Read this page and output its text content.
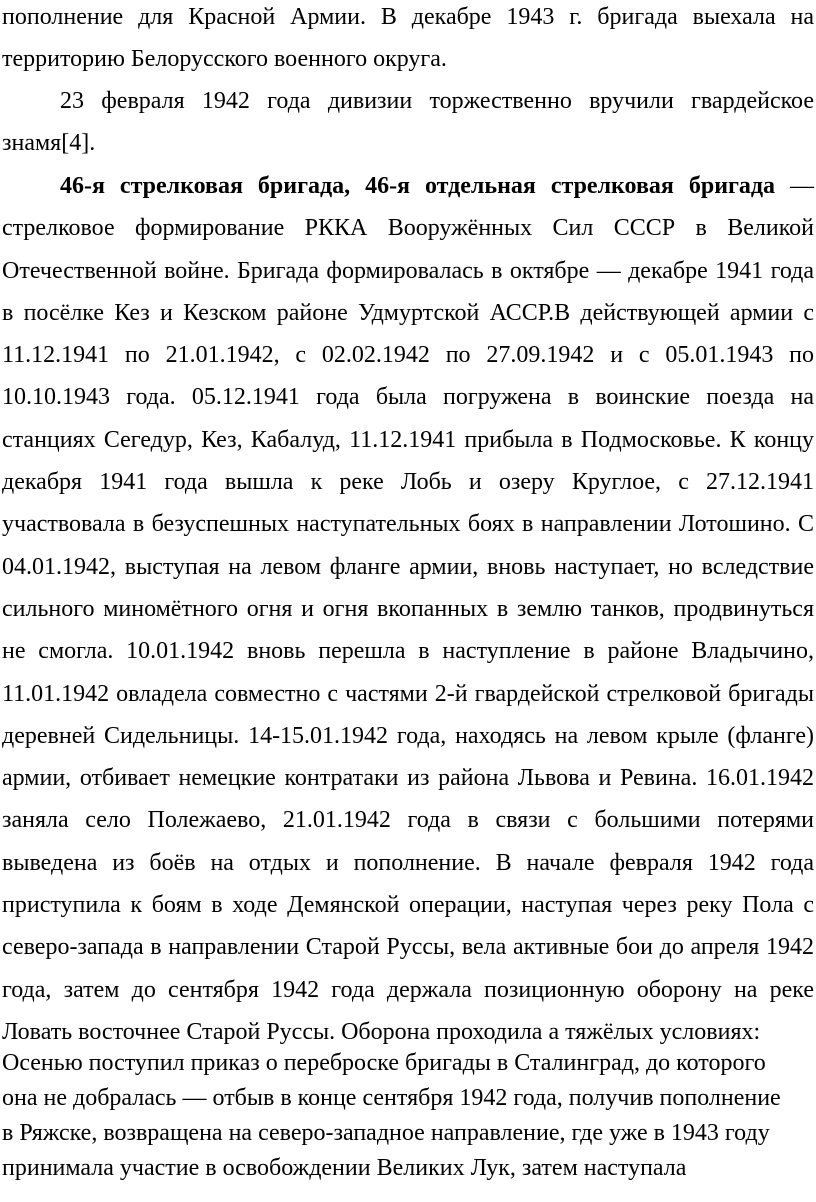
пополнение для Красной Армии. В декабре 1943 г. бригада выехала на территорию Белорусского военного округа.

23 февраля 1942 года дивизии торжественно вручили гвардейское знамя[4].

46-я стрелковая бригада, 46-я отдельная стрелковая бригада — стрелковое формирование РККА Вооружённых Сил СССР в Великой Отечественной войне. Бригада формировалась в октябре — декабре 1941 года в посёлке Кез и Кезском районе Удмуртской АССР.В действующей армии с 11.12.1941 по 21.01.1942, с 02.02.1942 по 27.09.1942 и с 05.01.1943 по 10.10.1943 года. 05.12.1941 года была погружена в воинские поезда на станциях Сегедур, Кез, Кабалуд, 11.12.1941 прибыла в Подмосковье. К концу декабря 1941 года вышла к реке Лобь и озеру Круглое, с 27.12.1941 участвовала в безуспешных наступательных боях в направлении Лотошино. С 04.01.1942, выступая на левом фланге армии, вновь наступает, но вследствие сильного миномётного огня и огня вкопанных в землю танков, продвинуться не смогла. 10.01.1942 вновь перешла в наступление в районе Владычино, 11.01.1942 овладела совместно с частями 2-й гвардейской стрелковой бригады деревней Сидельницы. 14-15.01.1942 года, находясь на левом крыле (фланге) армии, отбивает немецкие контратаки из района Львова и Ревина. 16.01.1942 заняла село Полежаево, 21.01.1942 года в связи с большими потерями выведена из боёв на отдых и пополнение. В начале февраля 1942 года приступила к боям в ходе Демянской операции, наступая через реку Пола с северо-запада в направлении Старой Руссы, вела активные бои до апреля 1942 года, затем до сентября 1942 года держала позиционную оборону на реке Ловать восточнее Старой Руссы. Оборона проходила а тяжёлых условиях:

Осенью поступил приказ о переброске бригады в Сталинград, до которого она не добралась — отбыв в конце сентября 1942 года, получив пополнение в Ряжске, возвращена на северо-западное направление, где уже в 1943 году принимала участие в освобождении Великих Лук, затем наступала
